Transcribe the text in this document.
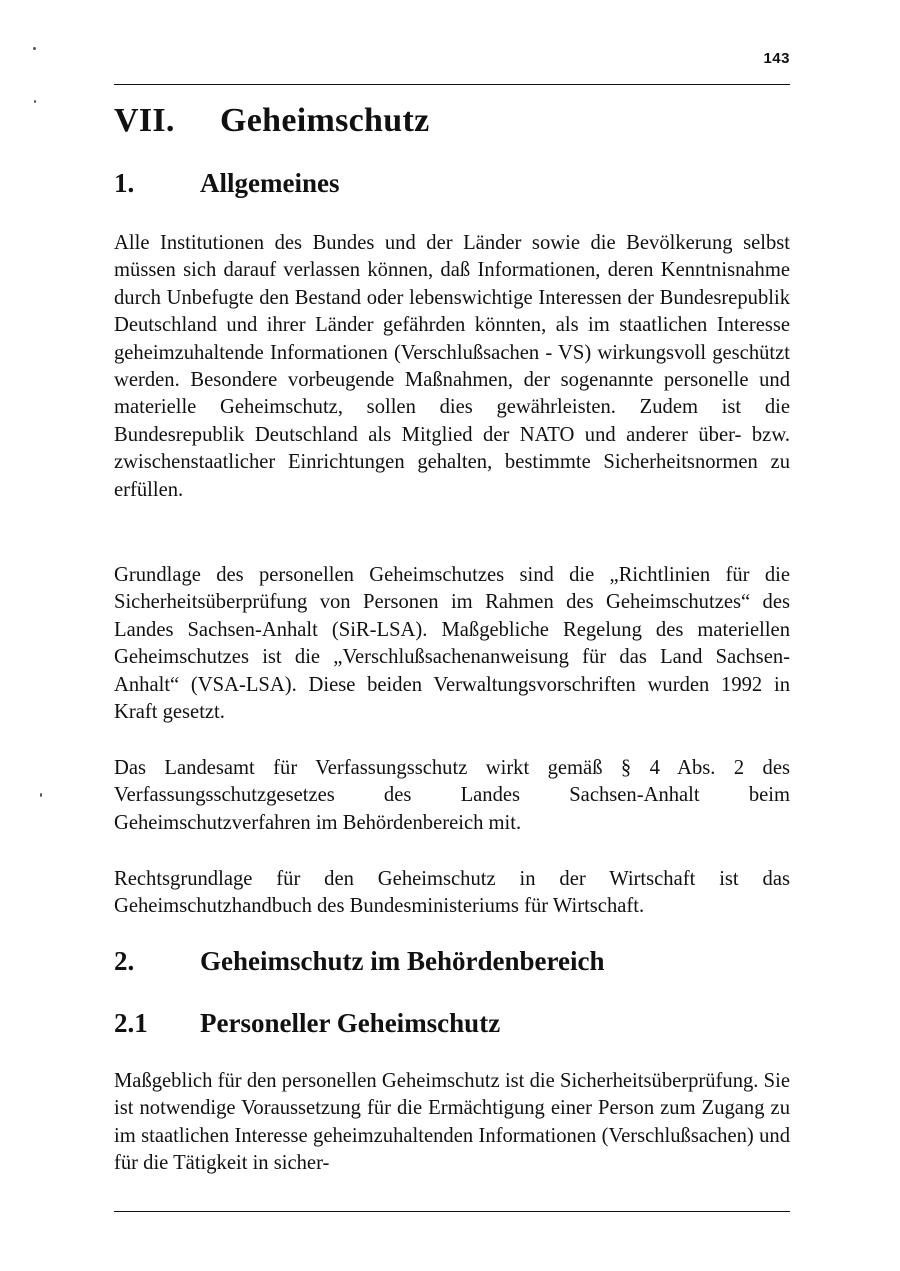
143
VII. Geheimschutz
1. Allgemeines

Alle Institutionen des Bundes und der Länder sowie die Bevölkerung selbst müssen sich darauf verlassen können, daß Informationen, deren Kenntnisnahme durch Unbefugte den Bestand oder lebenswichtige Interessen der Bundesrepublik Deutschland und ihrer Länder gefährden könnten, als im staatlichen Interesse geheimzuhaltende Informationen (Verschlußsachen - VS) wirkungsvoll geschützt werden. Besondere vorbeugende Maßnahmen, der sogenannte personelle und materielle Geheimschutz, sollen dies gewährleisten. Zudem ist die Bundesrepublik Deutschland als Mitglied der NATO und anderer über- bzw. zwischenstaatlicher Einrichtungen gehalten, bestimmte Sicherheitsnormen zu erfüllen.

Grundlage des personellen Geheimschutzes sind die „Richtlinien für die Sicherheitsüberprüfung von Personen im Rahmen des Geheimschutzes“ des Landes Sachsen-Anhalt (SiR-LSA). Maßgebliche Regelung des materiellen Geheimschutzes ist die „Verschlußsachenanweisung für das Land Sachsen-Anhalt“ (VSA-LSA). Diese beiden Verwaltungsvorschriften wurden 1992 in Kraft gesetzt.

Das Landesamt für Verfassungsschutz wirkt gemäß § 4 Abs. 2 des Verfassungsschutzgesetzes des Landes Sachsen-Anhalt beim Geheimschutzverfahren im Behördenbereich mit.

Rechtsgrundlage für den Geheimschutz in der Wirtschaft ist das Geheimschutzhandbuch des Bundesministeriums für Wirtschaft.

2. Geheimschutz im Behördenbereich
2.1 Personeller Geheimschutz

Maßgeblich für den personellen Geheimschutz ist die Sicherheitsüberprüfung. Sie ist notwendige Voraussetzung für die Ermächtigung einer Person zum Zugang zu im staatlichen Interesse geheimzuhaltenden Informationen (Verschlußsachen) und für die Tätigkeit in sicher-
